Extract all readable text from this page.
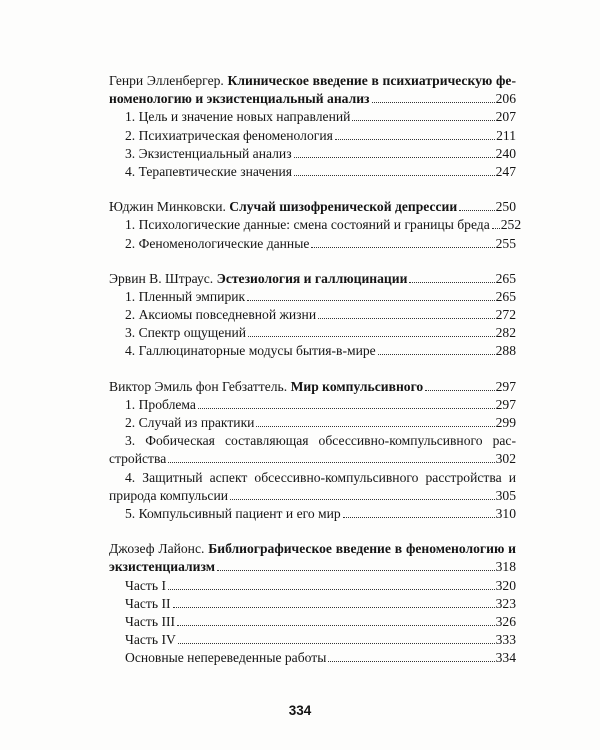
Генри Элленбергер. Клиническое введение в психиатрическую фе-
номенологию и экзистенциальный анализ	206
1. Цель и значение новых направлений	207
2. Психиатрическая феноменология	211
3. Экзистенциальный анализ	240
4. Терапевтические значения	247
Юджин Минковски. Случай шизофренической депрессии	250
1. Психологические данные: смена состояний и границы бреда 252
2. Феноменологические данные	255
Эрвин В. Штраус. Эстезиология и галлюцинации	265
1. Пленный эмпирик	265
2. Аксиомы повседневной жизни	272
3. Спектр ощущений	282
4. Галлюцинаторные модусы бытия-в-мире	288
Виктор Эмиль фон Гебзаттель. Мир компульсивного	297
1. Проблема	297
2. Случай из практики	299
3. Фобическая составляющая обсессивно-компульсивного рас-
стройства	302
4. Защитный аспект обсессивно-компульсивного расстройства и
природа компульсии	305
5. Компульсивный пациент и его мир	310
Джозеф Лайонс. Библиографическое введение в феноменологию и
экзистенциализм	318
Часть I	320
Часть II	323
Часть III	326
Часть IV	333
Основные непереведенные работы	334
334
